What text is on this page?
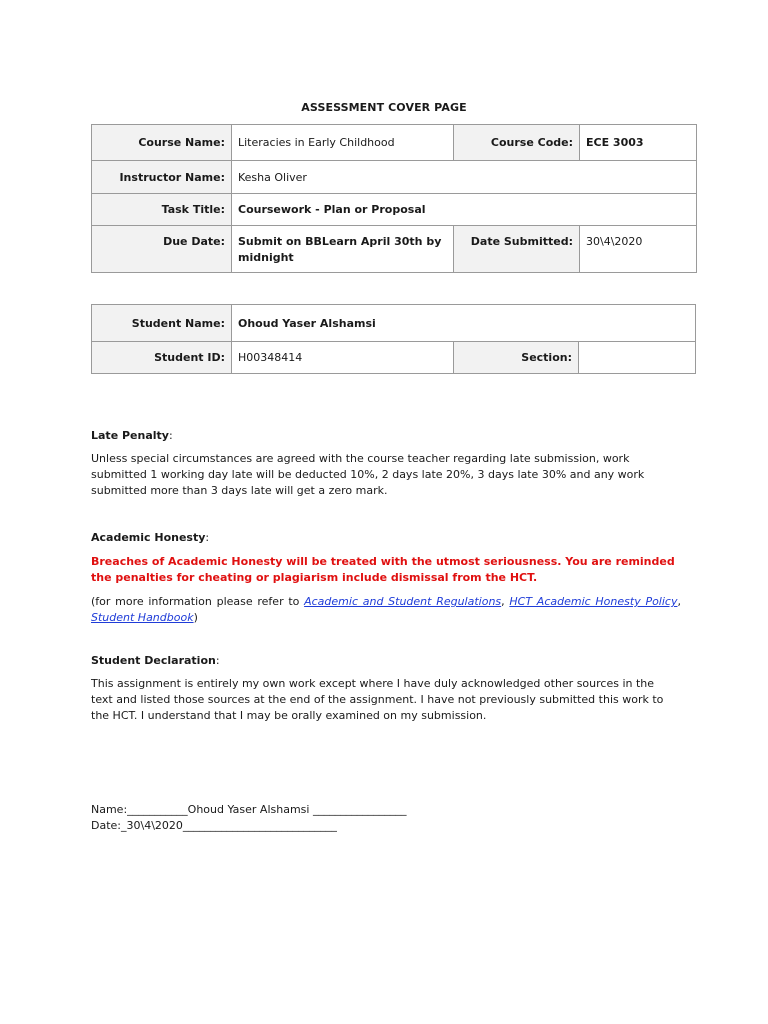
ASSESSMENT COVER PAGE
Course Name:	Literacies in Early Childhood	Course Code:	ECE 3003
Instructor Name:	Kesha Oliver		
Task Title:	Coursework - Plan or Proposal		
Due Date:	Submit on BBLearn April 30th by midnight	Date Submitted:	30\4\2020
Student Name:	Ohoud Yaser Alshamsi		
Student ID:	H00348414	Section:	
Late Penalty:
Unless special circumstances are agreed with the course teacher regarding late submission, work submitted 1 working day late will be deducted 10%, 2 days late 20%, 3 days late 30% and any work submitted more than 3 days late will get a zero mark.
Academic Honesty:
Breaches of Academic Honesty will be treated with the utmost seriousness. You are reminded the penalties for cheating or plagiarism include dismissal from the HCT.
(for more information please refer to Academic and Student Regulations, HCT Academic Honesty Policy, Student Handbook)
Student Declaration:
This assignment is entirely my own work except where I have duly acknowledged other sources in the text and listed those sources at the end of the assignment. I have not previously submitted this work to the HCT. I understand that I may be orally examined on my submission.
Name:___________Ohoud Yaser Alshamsi _________________
Date:_30\4\2020____________________________
